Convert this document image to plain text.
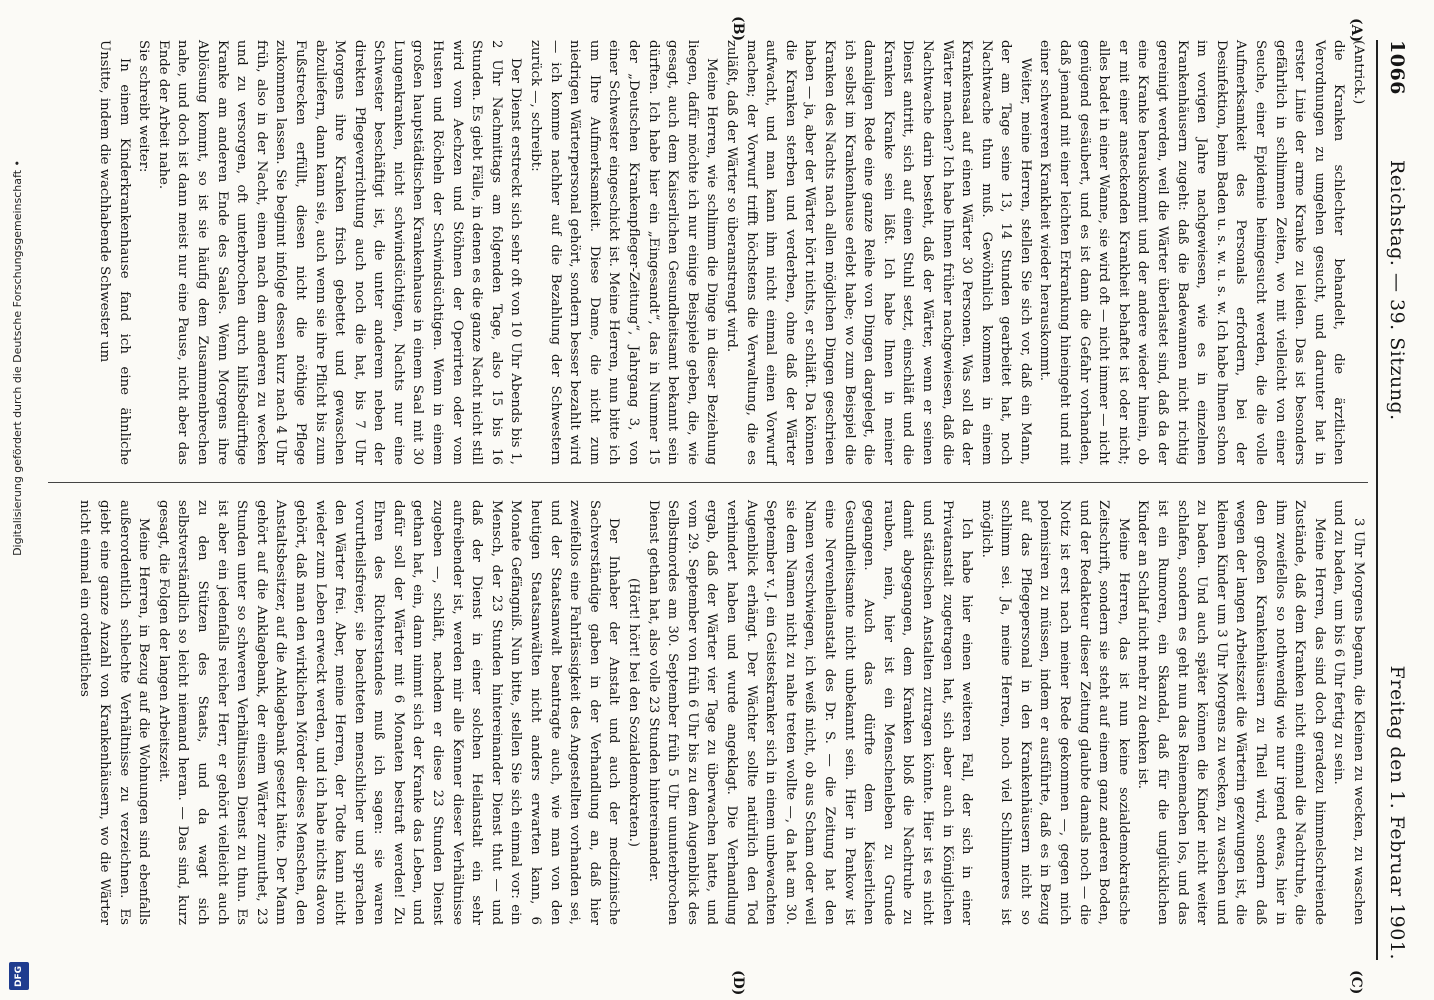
1066
Reichstag. — 39. Sitzung.
Freitag den 1. Februar 1901.
(A)
(B)
(C)
(D)

(Antrick.)

die Kranken schlechter behandelt, die ärztlichen Verordnungen zu umgehen gesucht, und darunter hat in erster Linie der arme Kranke zu leiden. Das ist besonders gefährlich in schlimmen Zeiten, wo mit vielleicht von einer Seuche, einer Epidemie heimgesucht werden, die die volle Aufmerksamkeit des Personals erfordern, bei der Desinfektion, beim Baden u. s. w. u. s. w. Ich habe Ihnen schon im vorigen Jahre nachgewiesen, wie es in einzelnen Krankenhäusern zugeht: daß die Badewannen nicht richtig gereinigt werden, weil die Wärter überlastet sind, daß da der eine Kranke herauskommt und der andere wieder hinein, ob er mit einer ansteckenden Krankheit behaftet ist oder nicht; alles badet in einer Wanne, sie wird oft — nicht immer — nicht genügend gesäubert, und es ist dann die Gefahr vorhanden, daß jemand mit einer leichten Erkrankung hineingeht und mit einer schwereren Krankheit wieder herauskommt.

Weiter, meine Herren, stellen Sie sich vor, daß ein Mann, der am Tage seine 13, 14 Stunden gearbeitet hat, noch Nachtwache thun muß. Gewöhnlich kommen in einem Krankensaal auf einen Wärter 30 Personen. Was soll da der Wärter machen? Ich habe Ihnen früher nachgewiesen, daß die Nachtwache darin besteht, daß der Wärter, wenn er seinen Dienst antritt, sich auf einen Stuhl setzt, einschläft und die Kranken Kranke sein läßt. Ich habe Ihnen in meiner damaligen Rede eine ganze Reihe von Dingen dargelegt, die ich selbst im Krankenhause erlebt habe; wo zum Beispiel die Kranken des Nachts nach allen möglichen Dingen geschrieen haben — ja, aber der Wärter hört nichts, er schläft. Da können die Kranken sterben und verderben, ohne daß der Wärter aufwacht, und man kann ihm nicht einmal einen Vorwurf machen; der Vorwurf trifft höchstens die Verwaltung, die es zuläßt, daß der Wärter so überanstrengt wird.

Meine Herren, wie schlimm die Dinge in dieser Beziehung liegen, dafür möchte ich nur einige Beispiele geben, die, wie gesagt, auch dem Kaiserlichen Gesundheitsamt bekannt sein dürften. Ich habe hier ein „Eingesandt“, das in Nummer 15 der „Deutschen Krankenpfleger-Zeitung“, Jahrgang 3, von einer Schwester eingeschickt ist. Meine Herren, nun bitte ich um Ihre Aufmerksamkeit. Diese Dame, die nicht zum niedrigen Wärterpersonal gehört, sondern besser bezahlt wird — ich komme nachher auf die Bezahlung der Schwestern zurück —, schreibt:

Der Dienst erstreckt sich sehr oft von 10 Uhr Abends bis 1, 2 Uhr Nachmittags am folgenden Tage, also 15 bis 16 Stunden. Es giebt Fälle, in denen es die ganze Nacht nicht still wird vom Aechzen und Stöhnen der Operirten oder vom Husten und Röcheln der Schwindsüchtigen. Wenn in einem großen hauptstädtischen Krankenhause in einem Saal mit 30 Lungenkranken, nicht schwindsüchtigen, Nachts nur eine Schwester beschäftigt ist, die unter anderem neben der direkten Pflegeverrichtung auch noch die hat, bis 7 Uhr Morgens ihre Kranken frisch gebettet und gewaschen abzuliefern, dann kann sie, auch wenn sie ihre Pflicht bis zum Fußstrecken erfüllt, diesen nicht die nöthige Pflege zukommen lassen. Sie beginnt infolge dessen kurz nach 4 Uhr früh, also in der Nacht, einen nach dem anderen zu wecken und zu versorgen, oft unterbrochen durch hilfsbedürftige Kranke am anderen Ende des Saales. Wenn Morgens ihre Ablösung kommt, so ist sie häufig dem Zusammenbrechen nahe, und doch ist dann meist nur eine Pause, nicht aber das Ende der Arbeit nahe.

Sie schreibt weiter:

In einem Kinderkrankenhause fand ich eine ähnliche Unsitte, indem die wachhabende Schwester um

3 Uhr Morgens begann, die Kleinen zu wecken, zu waschen und zu baden, um bis 6 Uhr fertig zu sein.

Meine Herren, das sind doch geradezu himmelschreiende Zustände, daß dem Kranken nicht einmal die Nachtruhe, die ihm zweifellos so nothwendig wie nur irgend etwas, hier in den großen Krankenhäusern zu Theil wird, sondern daß wegen der langen Arbeitszeit die Wärterin gezwungen ist, die kleinen Kinder um 3 Uhr Morgens zu wecken, zu waschen und zu baden. Und auch später können die Kinder nicht weiter schlafen, sondern es geht nun das Reinemachen los, und das ist ein Rumoren, ein Skandal, daß für die unglücklichen Kinder an Schlaf nicht mehr zu denken ist.

Meine Herren, das ist nun keine sozialdemokratische Zeitschrift, sondern sie steht auf einem ganz anderen Boden, und der Redakteur dieser Zeitung glaubte damals noch — die Notiz ist erst nach meiner Rede gekommen —, gegen mich polemisiren zu müssen, indem er ausführte, daß es in Bezug auf das Pflegepersonal in den Krankenhäusern nicht so schlimm sei. Ja, meine Herren, noch viel Schlimmeres ist möglich.

Ich habe hier einen weiteren Fall, der sich in einer Privatanstalt zugetragen hat, sich aber auch in Königlichen und städtischen Anstalten zutragen könnte. Hier ist es nicht damit abgegangen, dem Kranken bloß die Nachtruhe zu rauben, nein, hier ist ein Menschenleben zu Grunde gegangen. Auch das dürfte dem Kaiserlichen Gesundheitsamte nicht unbekannt sein. Hier in Pankow ist eine Nervenheilanstalt des Dr. S. — die Zeitung hat den Namen verschwiegen, ich weiß nicht, ob aus Scham oder weil sie dem Namen nicht zu nahe treten wollte —, da hat am 30. September v. J. ein Geisteskranker sich in einem unbewachten Augenblick erhängt. Der Wächter sollte natürlich den Tod verhindert haben und wurde angeklagt. Die Verhandlung ergab, daß der Wärter vier Tage zu überwachen hatte, und vom 29. September von früh 6 Uhr bis zu dem Augenblick des Selbstmordes am 30. September früh 5 Uhr ununterbrochen Dienst gethan hat, also volle 23 Stunden hintereinander.

(Hört! hört! bei den Sozialdemokraten.)

Der Inhaber der Anstalt und auch der medizinische Sachverständige gaben in der Verhandlung an, daß hier zweifellos eine Fahrlässigkeit des Angestellten vorhanden sei, und der Staatsanwalt beantragte auch, wie man von den heutigen Staatsanwälten nicht anders erwarten kann, 6 Monate Gefängniß. Nun bitte, stellen Sie sich einmal vor: ein Mensch, der 23 Stunden hintereinander Dienst thut — und daß der Dienst in einer solchen Heilanstalt ein sehr aufreibender ist, werden mir alle Kenner dieser Verhältnisse zugeben —, schläft, nachdem er diese 23 Stunden Dienst gethan hat, ein, dann nimmt sich der Kranke das Leben, und dafür soll der Wärter mit 6 Monaten bestraft werden! Zu Ehren des Richterstandes muß ich sagen: sie waren vorurtheilsfreier, sie beachteten menschlicher und sprachen den Wärter frei. Aber, meine Herren, der Todte kann nicht wieder zum Leben erweckt werden, und ich habe nichts davon gehört, daß man den wirklichen Mörder dieses Menschen, den Anstaltsbesitzer, auf die Anklagebank gesetzt hätte. Der Mann gehört auf die Anklagebank, der einem Wärter zumuthet, 23 Stunden unter so schweren Verhältnissen Dienst zu thun. Es ist aber ein jedenfalls reicher Herr, er gehört vielleicht auch zu den Stützen des Staats, und da wagt sich selbstverständlich so leicht niemand heran. — Das sind, kurz gesagt, die Folgen der langen Arbeitszeit.

Meine Herren, in Bezug auf die Wohnungen sind ebenfalls außerordentlich schlechte Verhältnisse zu verzeichnen. Es giebt eine ganze Anzahl von Krankenhäusern, wo die Wärter nicht einmal ein ordentliches

Digitalisierung gefördert durch die Deutsche Forschungsgemeinschaft •
DFG
